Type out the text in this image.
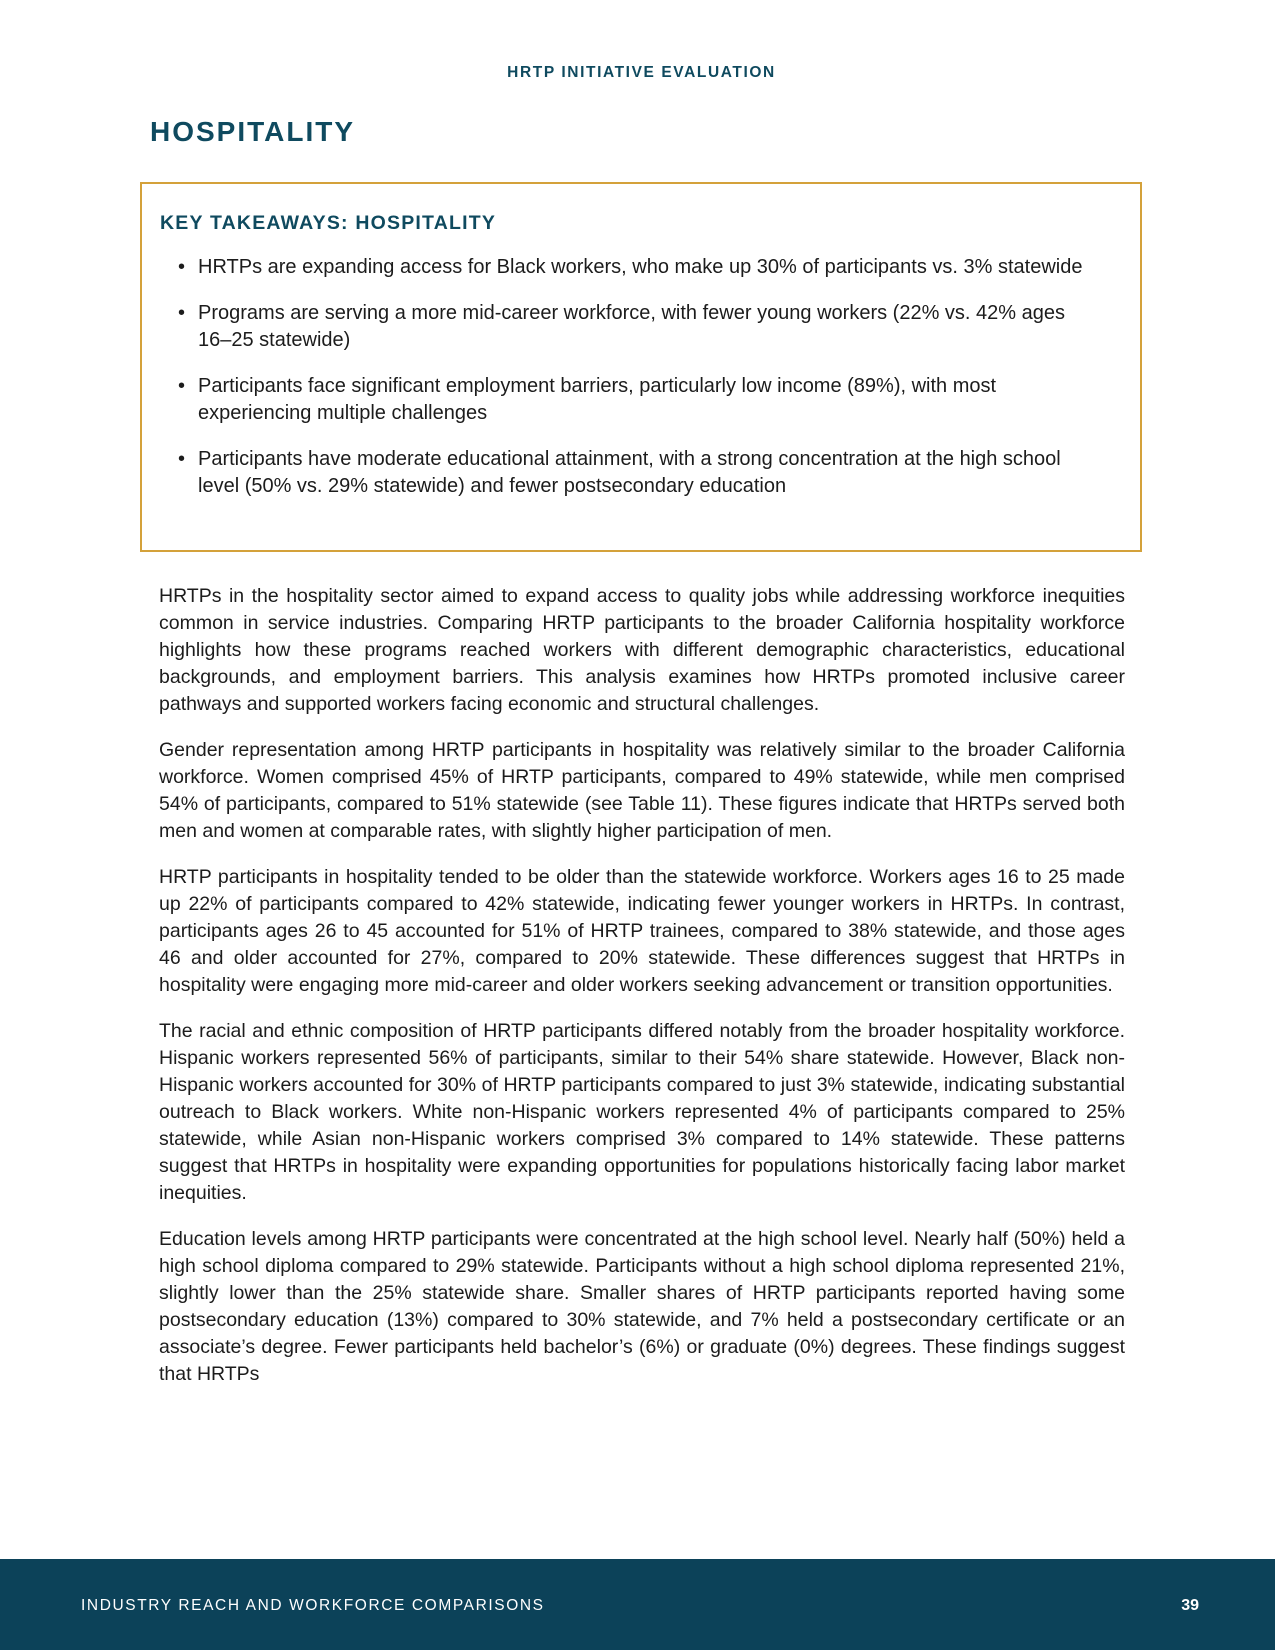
HRTP INITIATIVE EVALUATION
HOSPITALITY
KEY TAKEAWAYS: HOSPITALITY
• HRTPs are expanding access for Black workers, who make up 30% of participants vs. 3% statewide
• Programs are serving a more mid-career workforce, with fewer young workers (22% vs. 42% ages 16–25 statewide)
• Participants face significant employment barriers, particularly low income (89%), with most experiencing multiple challenges
• Participants have moderate educational attainment, with a strong concentration at the high school level (50% vs. 29% statewide) and fewer postsecondary education

HRTPs in the hospitality sector aimed to expand access to quality jobs while addressing workforce inequities common in service industries. Comparing HRTP participants to the broader California hospitality workforce highlights how these programs reached workers with different demographic characteristics, educational backgrounds, and employment barriers. This analysis examines how HRTPs promoted inclusive career pathways and supported workers facing economic and structural challenges.

Gender representation among HRTP participants in hospitality was relatively similar to the broader California workforce. Women comprised 45% of HRTP participants, compared to 49% statewide, while men comprised 54% of participants, compared to 51% statewide (see Table 11). These figures indicate that HRTPs served both men and women at comparable rates, with slightly higher participation of men.

HRTP participants in hospitality tended to be older than the statewide workforce. Workers ages 16 to 25 made up 22% of participants compared to 42% statewide, indicating fewer younger workers in HRTPs. In contrast, participants ages 26 to 45 accounted for 51% of HRTP trainees, compared to 38% statewide, and those ages 46 and older accounted for 27%, compared to 20% statewide. These differences suggest that HRTPs in hospitality were engaging more mid-career and older workers seeking advancement or transition opportunities.

The racial and ethnic composition of HRTP participants differed notably from the broader hospitality workforce. Hispanic workers represented 56% of participants, similar to their 54% share statewide. However, Black non-Hispanic workers accounted for 30% of HRTP participants compared to just 3% statewide, indicating substantial outreach to Black workers. White non-Hispanic workers represented 4% of participants compared to 25% statewide, while Asian non-Hispanic workers comprised 3% compared to 14% statewide. These patterns suggest that HRTPs in hospitality were expanding opportunities for populations historically facing labor market inequities.

Education levels among HRTP participants were concentrated at the high school level. Nearly half (50%) held a high school diploma compared to 29% statewide. Participants without a high school diploma represented 21%, slightly lower than the 25% statewide share. Smaller shares of HRTP participants reported having some postsecondary education (13%) compared to 30% statewide, and 7% held a postsecondary certificate or an associate’s degree. Fewer participants held bachelor’s (6%) or graduate (0%) degrees. These findings suggest that HRTPs

INDUSTRY REACH AND WORKFORCE COMPARISONS	39
